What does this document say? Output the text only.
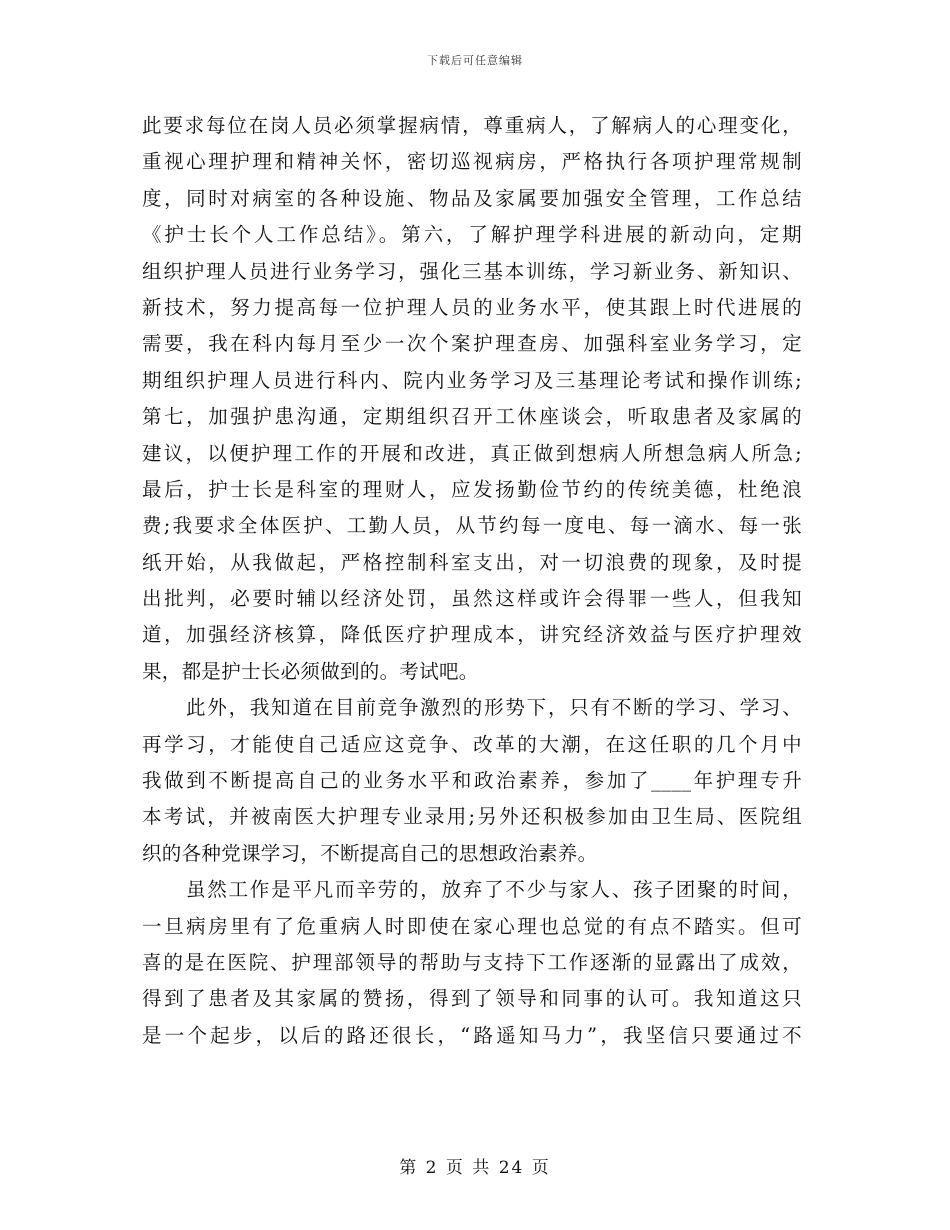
下载后可任意编辑
此要求每位在岗人员必须掌握病情，尊重病人，了解病人的心理变化，
重视心理护理和精神关怀，密切巡视病房，严格执行各项护理常规制
度，同时对病室的各种设施、物品及家属要加强安全管理，工作总结
《护士长个人工作总结》。第六，了解护理学科进展的新动向，定期
组织护理人员进行业务学习，强化三基本训练，学习新业务、新知识、
新技术，努力提高每一位护理人员的业务水平，使其跟上时代进展的
需要，我在科内每月至少一次个案护理查房、加强科室业务学习，定
期组织护理人员进行科内、院内业务学习及三基理论考试和操作训练;
第七，加强护患沟通，定期组织召开工休座谈会，听取患者及家属的
建议，以便护理工作的开展和改进，真正做到想病人所想急病人所急;
最后，护士长是科室的理财人，应发扬勤俭节约的传统美德，杜绝浪
费;我要求全体医护、工勤人员，从节约每一度电、每一滴水、每一张
纸开始，从我做起，严格控制科室支出，对一切浪费的现象，及时提
出批判，必要时辅以经济处罚，虽然这样或许会得罪一些人，但我知
道，加强经济核算，降低医疗护理成本，讲究经济效益与医疗护理效
果，都是护士长必须做到的。考试吧。
此外，我知道在目前竞争激烈的形势下，只有不断的学习、学习、
再学习，才能使自己适应这竞争、改革的大潮，在这任职的几个月中
我做到不断提高自己的业务水平和政治素养，参加了____年护理专升
本考试，并被南医大护理专业录用;另外还积极参加由卫生局、医院组
织的各种党课学习，不断提高自己的思想政治素养。
虽然工作是平凡而辛劳的，放弃了不少与家人、孩子团聚的时间，
一旦病房里有了危重病人时即使在家心理也总觉的有点不踏实。但可
喜的是在医院、护理部领导的帮助与支持下工作逐渐的显露出了成效，
得到了患者及其家属的赞扬，得到了领导和同事的认可。我知道这只
是一个起步，以后的路还很长，“路遥知马力”，我坚信只要通过不
第 2 页 共 24 页
